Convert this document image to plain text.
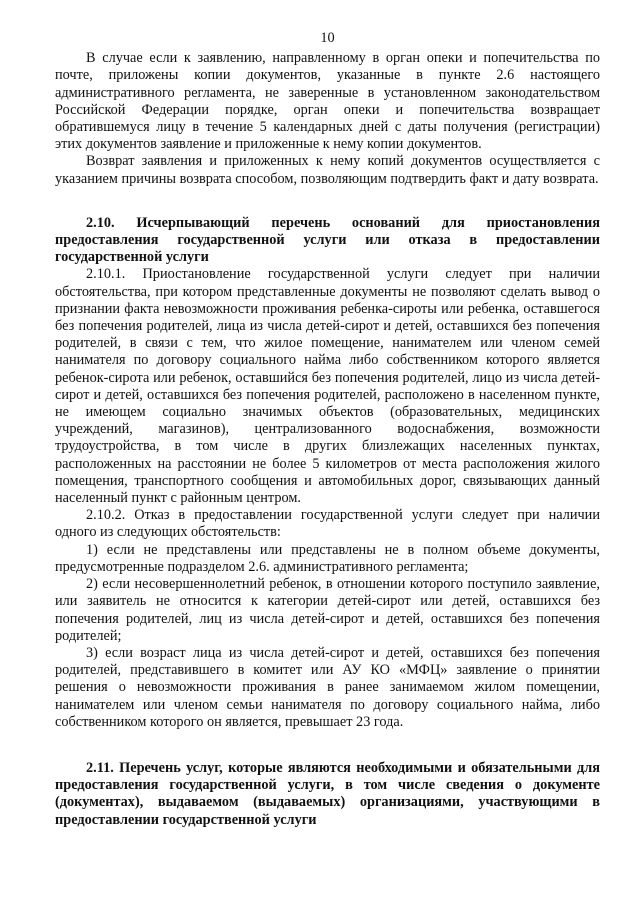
10

В случае если к заявлению, направленному в орган опеки и попечительства по почте, приложены копии документов, указанные в пункте 2.6 настоящего административного регламента, не заверенные в установленном законодательством Российской Федерации порядке, орган опеки и попечительства возвращает обратившемуся лицу в течение 5 календарных дней с даты получения (регистрации) этих документов заявление и приложенные к нему копии документов.

Возврат заявления и приложенных к нему копий документов осуществляется с указанием причины возврата способом, позволяющим подтвердить факт и дату возврата.

2.10. Исчерпывающий перечень оснований для приостановления предоставления государственной услуги или отказа в предоставлении государственной услуги

2.10.1. Приостановление государственной услуги следует при наличии обстоятельства, при котором представленные документы не позволяют сделать вывод о признании факта невозможности проживания ребенка-сироты или ребенка, оставшегося без попечения родителей, лица из числа детей-сирот и детей, оставшихся без попечения родителей, в связи с тем, что жилое помещение, нанимателем или членом семей нанимателя по договору социального найма либо собственником которого является ребенок-сирота или ребенок, оставшийся без попечения родителей, лицо из числа детей-сирот и детей, оставшихся без попечения родителей, расположено в населенном пункте, не имеющем социально значимых объектов (образовательных, медицинских учреждений, магазинов), централизованного водоснабжения, возможности трудоустройства, в том числе в других близлежащих населенных пунктах, расположенных на расстоянии не более 5 километров от места расположения жилого помещения, транспортного сообщения и автомобильных дорог, связывающих данный населенный пункт с районным центром.

2.10.2. Отказ в предоставлении государственной услуги следует при наличии одного из следующих обстоятельств:

1) если не представлены или представлены не в полном объеме документы, предусмотренные подразделом 2.6. административного регламента;

2) если несовершеннолетний ребенок, в отношении которого поступило заявление, или заявитель не относится к категории детей-сирот или детей, оставшихся без попечения родителей, лиц из числа детей-сирот и детей, оставшихся без попечения родителей;

3) если возраст лица из числа детей-сирот и детей, оставшихся без попечения родителей, представившего в комитет или АУ КО «МФЦ» заявление о принятии решения о невозможности проживания в ранее занимаемом жилом помещении, нанимателем или членом семьи нанимателя по договору социального найма, либо собственником которого он является, превышает 23 года.

2.11. Перечень услуг, которые являются необходимыми и обязательными для предоставления государственной услуги, в том числе сведения о документе (документах), выдаваемом (выдаваемых) организациями, участвующими в предоставлении государственной услуги
